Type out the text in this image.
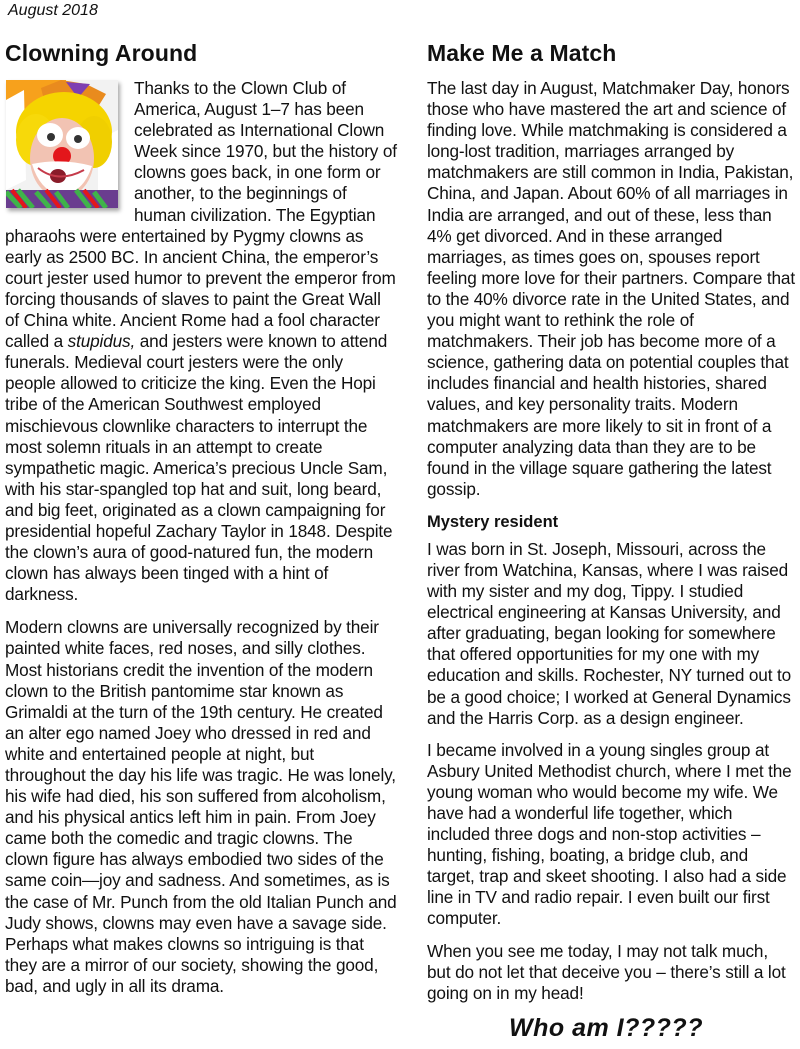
August 2018
Clowning Around
Thanks to the Clown Club of America, August 1–7 has been celebrated as International Clown Week since 1970, but the history of clowns goes back, in one form or another, to the beginnings of human civilization. The Egyptian pharaohs were entertained by Pygmy clowns as early as 2500 BC. In ancient China, the emperor’s court jester used humor to prevent the emperor from forcing thousands of slaves to paint the Great Wall of China white. Ancient Rome had a fool character called a stupidus, and jesters were known to attend funerals. Medieval court jesters were the only people allowed to criticize the king. Even the Hopi tribe of the American Southwest employed mischievous clownlike characters to interrupt the most solemn rituals in an attempt to create sympathetic magic. America’s precious Uncle Sam, with his star-spangled top hat and suit, long beard, and big feet, originated as a clown campaigning for presidential hopeful Zachary Taylor in 1848. Despite the clown’s aura of good-natured fun, the modern clown has always been tinged with a hint of darkness.

Modern clowns are universally recognized by their painted white faces, red noses, and silly clothes. Most historians credit the invention of the modern clown to the British pantomime star known as Grimaldi at the turn of the 19th century. He created an alter ego named Joey who dressed in red and white and entertained people at night, but throughout the day his life was tragic. He was lonely, his wife had died, his son suffered from alcoholism, and his physical antics left him in pain. From Joey came both the comedic and tragic clowns. The clown figure has always embodied two sides of the same coin—joy and sadness. And sometimes, as is the case of Mr. Punch from the old Italian Punch and Judy shows, clowns may even have a savage side. Perhaps what makes clowns so intriguing is that they are a mirror of our society, showing the good, bad, and ugly in all its drama.

Make Me a Match

The last day in August, Matchmaker Day, honors those who have mastered the art and science of finding love. While matchmaking is considered a long-lost tradition, marriages arranged by matchmakers are still common in India, Pakistan, China, and Japan. About 60% of all marriages in India are arranged, and out of these, less than 4% get divorced. And in these arranged marriages, as times goes on, spouses report feeling more love for their partners. Compare that to the 40% divorce rate in the United States, and you might want to rethink the role of matchmakers. Their job has become more of a science, gathering data on potential couples that includes financial and health histories, shared values, and key personality traits. Modern matchmakers are more likely to sit in front of a computer analyzing data than they are to be found in the village square gathering the latest gossip.

Mystery resident

I was born in St. Joseph, Missouri, across the river from Watchina, Kansas, where I was raised with my sister and my dog, Tippy. I studied electrical engineering at Kansas University, and after graduating, began looking for somewhere that offered opportunities for my one with my education and skills. Rochester, NY turned out to be a good choice; I worked at General Dynamics and the Harris Corp. as a design engineer.

I became involved in a young singles group at Asbury United Methodist church, where I met the young woman who would become my wife. We have had a wonderful life together, which included three dogs and non-stop activities – hunting, fishing, boating, a bridge club, and target, trap and skeet shooting. I also had a side line in TV and radio repair. I even built our first computer.

When you see me today, I may not talk much, but do not let that deceive you – there’s still a lot going on in my head!

Who am I?????
